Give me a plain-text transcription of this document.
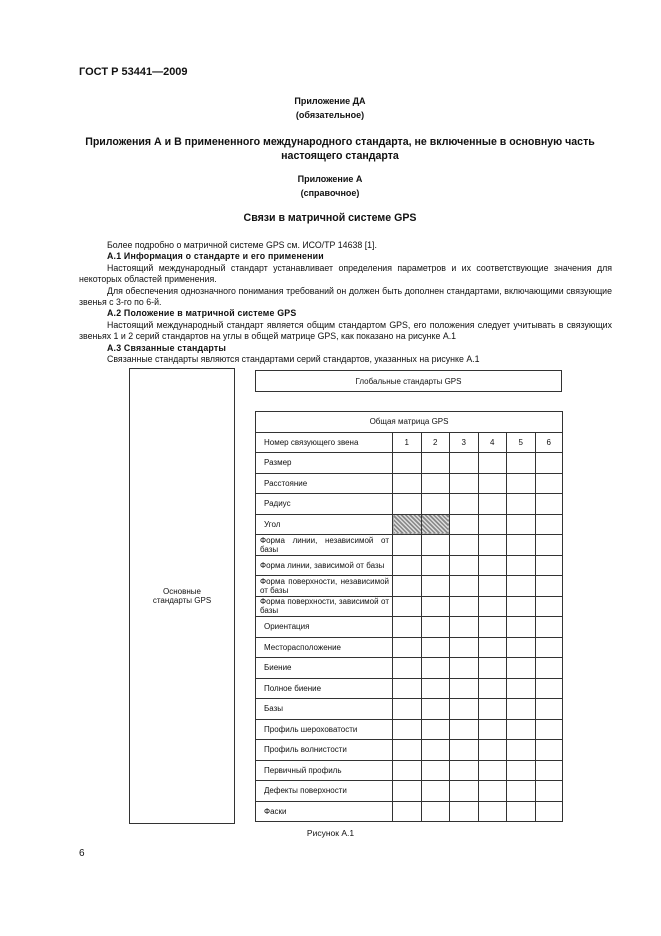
ГОСТ Р 53441—2009
Приложение ДА
(обязательное)
Приложения А и В примененного международного стандарта, не включенные в основную часть
настоящего стандарта
Приложение А
(справочное)
Связи в матричной системе GPS

Более подробно о матричной системе GPS см. ИСО/ТР 14638 [1].

А.1 Информация о стандарте и его применении

Настоящий международный стандарт устанавливает определения параметров и их соответствующие значения для некоторых областей применения.

Для обеспечения однозначного понимания требований он должен быть дополнен стандартами, включающими связующие звенья с 3-го по 6-й.

А.2 Положение в матричной системе GPS

Настоящий международный стандарт является общим стандартом GPS, его положения следует учитывать в связующих звеньях 1 и 2 серий стандартов на углы в общей матрице GPS, как показано на рисунке А.1

А.3 Связанные стандарты

Связанные стандарты являются стандартами серий стандартов, указанных на рисунке А.1

Основные стандарты GPS
Глобальные стандарты GPS
Общая матрица GPS						
Номер связующего звена	1	2	3	4	5	6
Размер						
Расстояние						
Радиус						
Угол						
Форма линии, независимой от базы						
Форма линии, зависимой от базы						
Форма поверхности, независимой от базы						
Форма поверхности, зависимой от базы						
Ориентация						
Месторасположение						
Биение						
Полное биение						
Базы						
Профиль шероховатости						
Профиль волнистости						
Первичный профиль						
Дефекты поверхности						
Фаски						
Рисунок А.1
6
